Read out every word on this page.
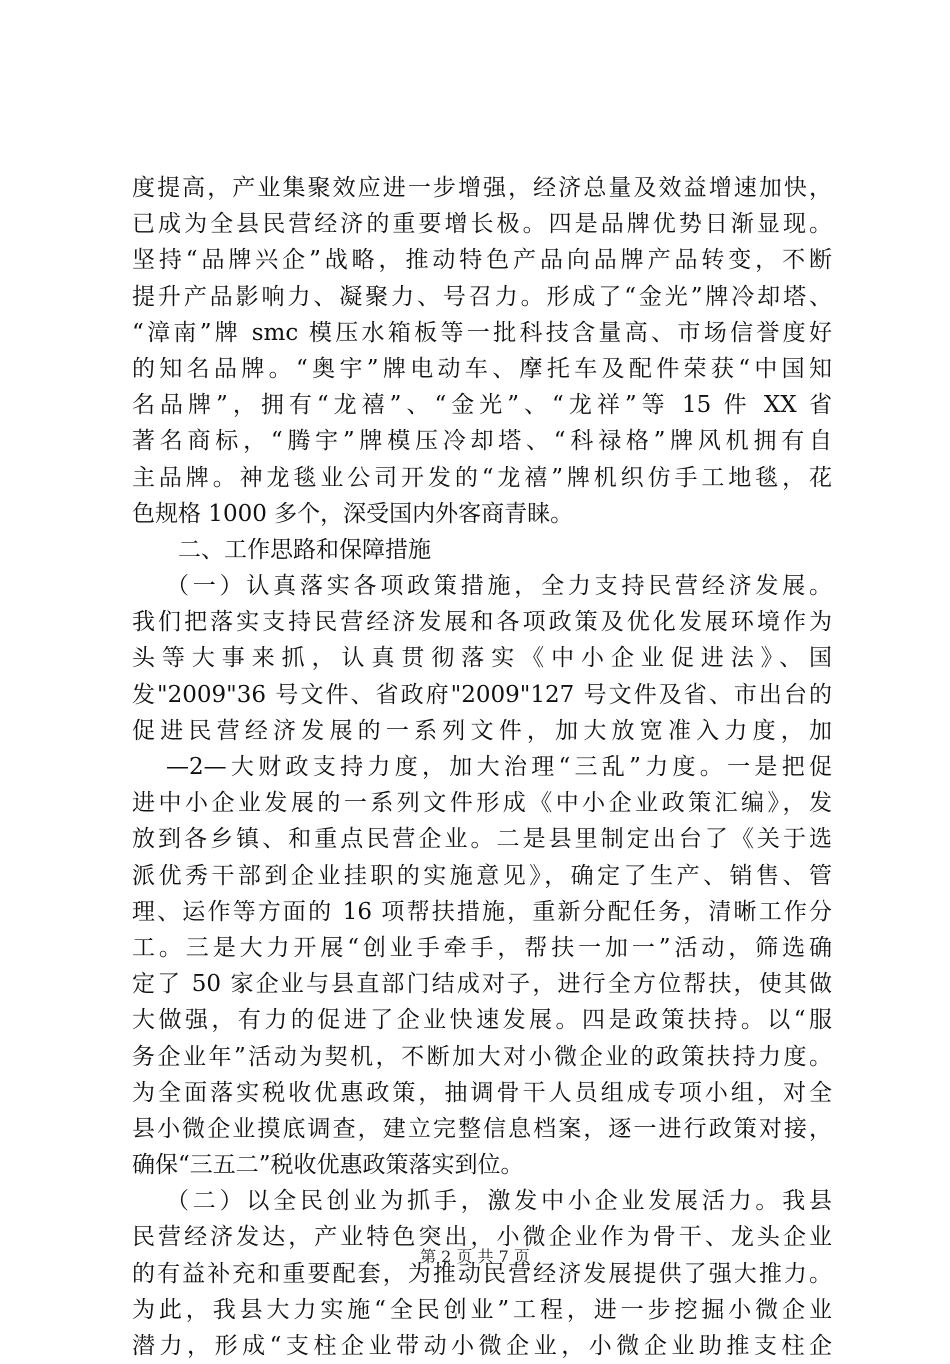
度提高，产业集聚效应进一步增强，经济总量及效益增速加快，
已成为全县民营经济的重要增长极。四是品牌优势日渐显现。
坚持“品牌兴企”战略，推动特色产品向品牌产品转变，不断
提升产品影响力、凝聚力、号召力。形成了“金光”牌冷却塔、
“漳南”牌 smc 模压水箱板等一批科技含量高、市场信誉度好
的知名品牌。“奥宇”牌电动车、摩托车及配件荣获“中国知
名品牌”，拥有“龙禧”、“金光”、“龙祥”等 15 件 XX 省
著名商标，“腾宇”牌模压冷却塔、“科禄格”牌风机拥有自
主品牌。神龙毯业公司开发的“龙禧”牌机织仿手工地毯，花
色规格 1000 多个，深受国内外客商青睐。
二、工作思路和保障措施
（一）认真落实各项政策措施，全力支持民营经济发展。
我们把落实支持民营经济发展和各项政策及优化发展环境作为
头等大事来抓，认真贯彻落实《中小企业促进法》、国
发"2009"36 号文件、省政府"2009"127 号文件及省、市出台的
促进民营经济发展的一系列文件，加大放宽准入力度，加
—2—大财政支持力度，加大治理“三乱”力度。一是把促
进中小企业发展的一系列文件形成《中小企业政策汇编》，发
放到各乡镇、和重点民营企业。二是县里制定出台了《关于选
派优秀干部到企业挂职的实施意见》，确定了生产、销售、管
理、运作等方面的 16 项帮扶措施，重新分配任务，清晰工作分
工。三是大力开展“创业手牵手，帮扶一加一”活动，筛选确
定了 50 家企业与县直部门结成对子，进行全方位帮扶，使其做
大做强，有力的促进了企业快速发展。四是政策扶持。以“服
务企业年”活动为契机，不断加大对小微企业的政策扶持力度。
为全面落实税收优惠政策，抽调骨干人员组成专项小组，对全
县小微企业摸底调查，建立完整信息档案，逐一进行政策对接，
确保“三五二”税收优惠政策落实到位。
（二）以全民创业为抓手，激发中小企业发展活力。我县
民营经济发达，产业特色突出，小微企业作为骨干、龙头企业
的有益补充和重要配套，为推动民营经济发展提供了强大推力。
为此，我县大力实施“全民创业”工程，进一步挖掘小微企业
潜力，形成“支柱企业带动小微企业，小微企业助推支柱企
第 2 页 共 7 页
